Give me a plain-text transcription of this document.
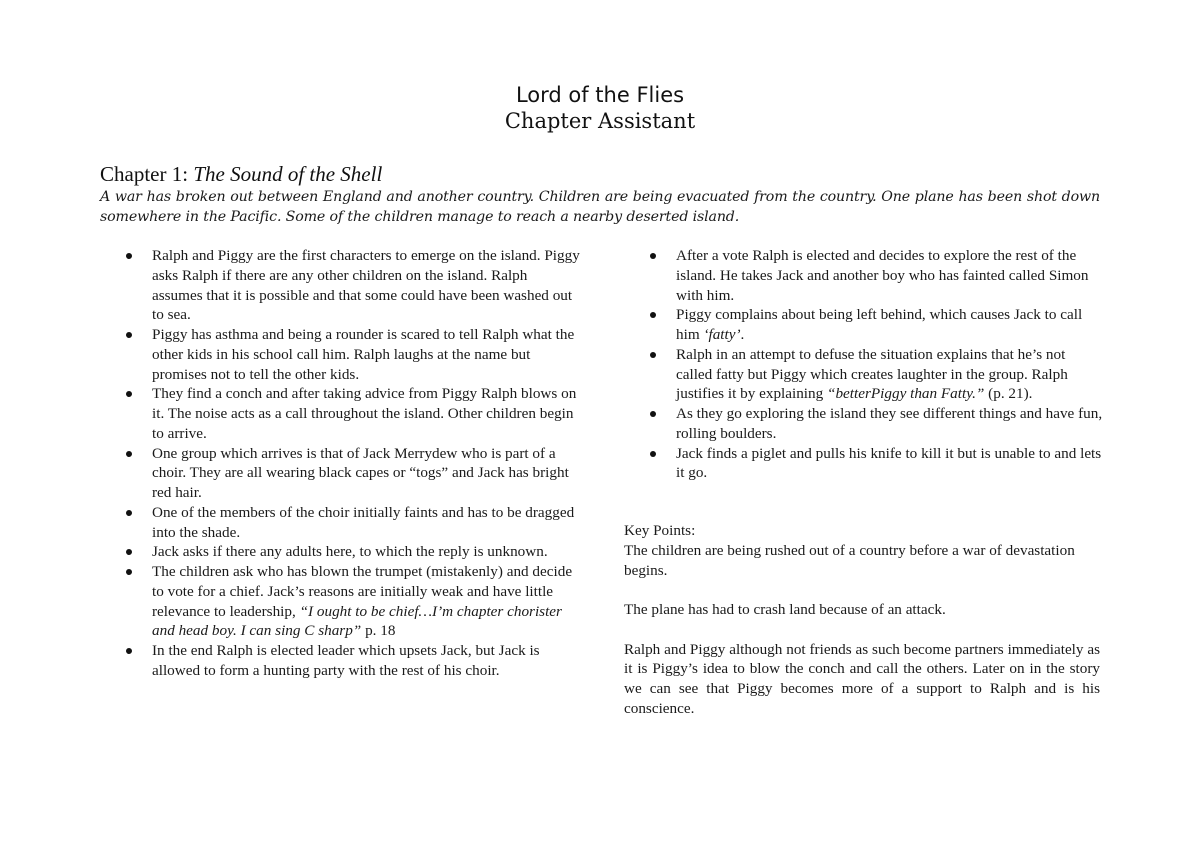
Lord of the Flies
Chapter Assistant
Chapter 1: The Sound of the Shell
A war has broken out between England and another country. Children are being evacuated from the country. One plane has been shot down somewhere in the Pacific. Some of the children manage to reach a nearby deserted island.
Ralph and Piggy are the first characters to emerge on the island. Piggy asks Ralph if there are any other children on the island. Ralph assumes that it is possible and that some could have been washed out to sea.
Piggy has asthma and being a rounder is scared to tell Ralph what the other kids in his school call him. Ralph laughs at the name but promises not to tell the other kids.
They find a conch and after taking advice from Piggy Ralph blows on it. The noise acts as a call throughout the island. Other children begin to arrive.
One group which arrives is that of Jack Merrydew who is part of a choir. They are all wearing black capes or “togs” and Jack has bright red hair.
One of the members of the choir initially faints and has to be dragged into the shade.
Jack asks if there any adults here, to which the reply is unknown.
The children ask who has blown the trumpet (mistakenly) and decide to vote for a chief. Jack’s reasons are initially weak and have little relevance to leadership, “I ought to be chief…I’m chapter chorister and head boy. I can sing C sharp” p. 18
In the end Ralph is elected leader which upsets Jack, but Jack is allowed to form a hunting party with the rest of his choir.
After a vote Ralph is elected and decides to explore the rest of the island. He takes Jack and another boy who has fainted called Simon with him.
Piggy complains about being left behind, which causes Jack to call him ‘fatty’.
Ralph in an attempt to defuse the situation explains that he’s not called fatty but Piggy which creates laughter in the group. Ralph justifies it by explaining “betterPiggy than Fatty.” (p. 21).
As they go exploring the island they see different things and have fun, rolling boulders.
Jack finds a piglet and pulls his knife to kill it but is unable to and lets it go.

Key Points:

The children are being rushed out of a country before a war of devastation begins.

The plane has had to crash land because of an attack.

Ralph and Piggy although not friends as such become partners immediately as it is Piggy’s idea to blow the conch and call the others. Later on in the story we can see that Piggy becomes more of a support to Ralph and is his conscience.
